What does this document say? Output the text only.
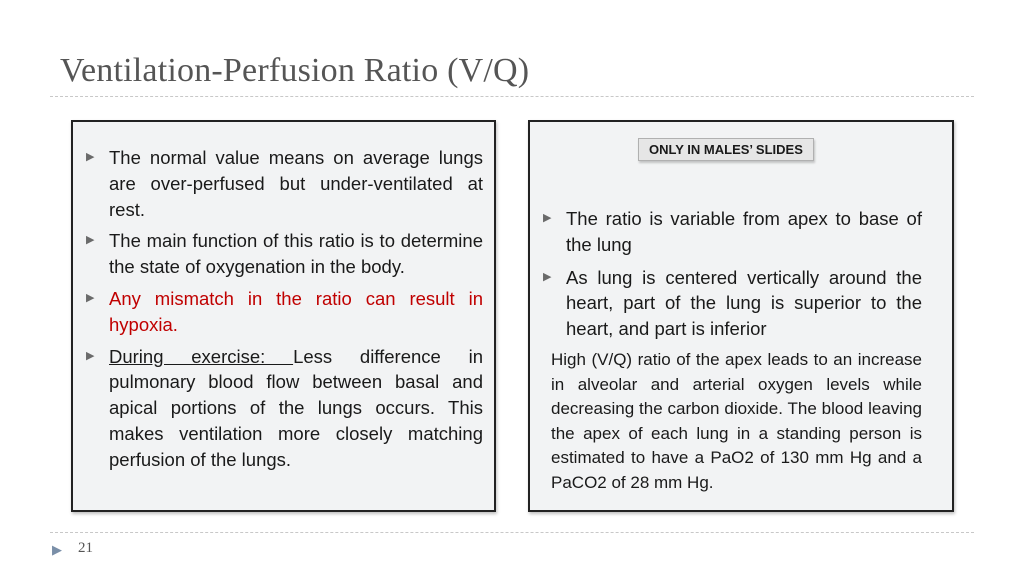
Ventilation-Perfusion Ratio (V/Q)
▶ The normal value means on average lungs are over-perfused but under-ventilated at rest.
▶ The main function of this ratio is to determine the state of oxygenation in the body.
▶ Any mismatch in the ratio can result in hypoxia.
▶ During exercise: Less difference in pulmonary blood flow between basal and apical portions of the lungs occurs. This makes ventilation more closely matching perfusion of the lungs.
ONLY IN MALES’ SLIDES
▶ The ratio is variable from apex to base of the lung
▶ As lung is centered vertically around the heart, part of the lung is superior to the heart, and part is inferior
High (V/Q) ratio of the apex leads to an increase in alveolar and arterial oxygen levels while decreasing the carbon dioxide. The blood leaving the apex of each lung in a standing person is estimated to have a PaO2 of 130 mm Hg and a PaCO2 of 28 mm Hg.
▶ 21
